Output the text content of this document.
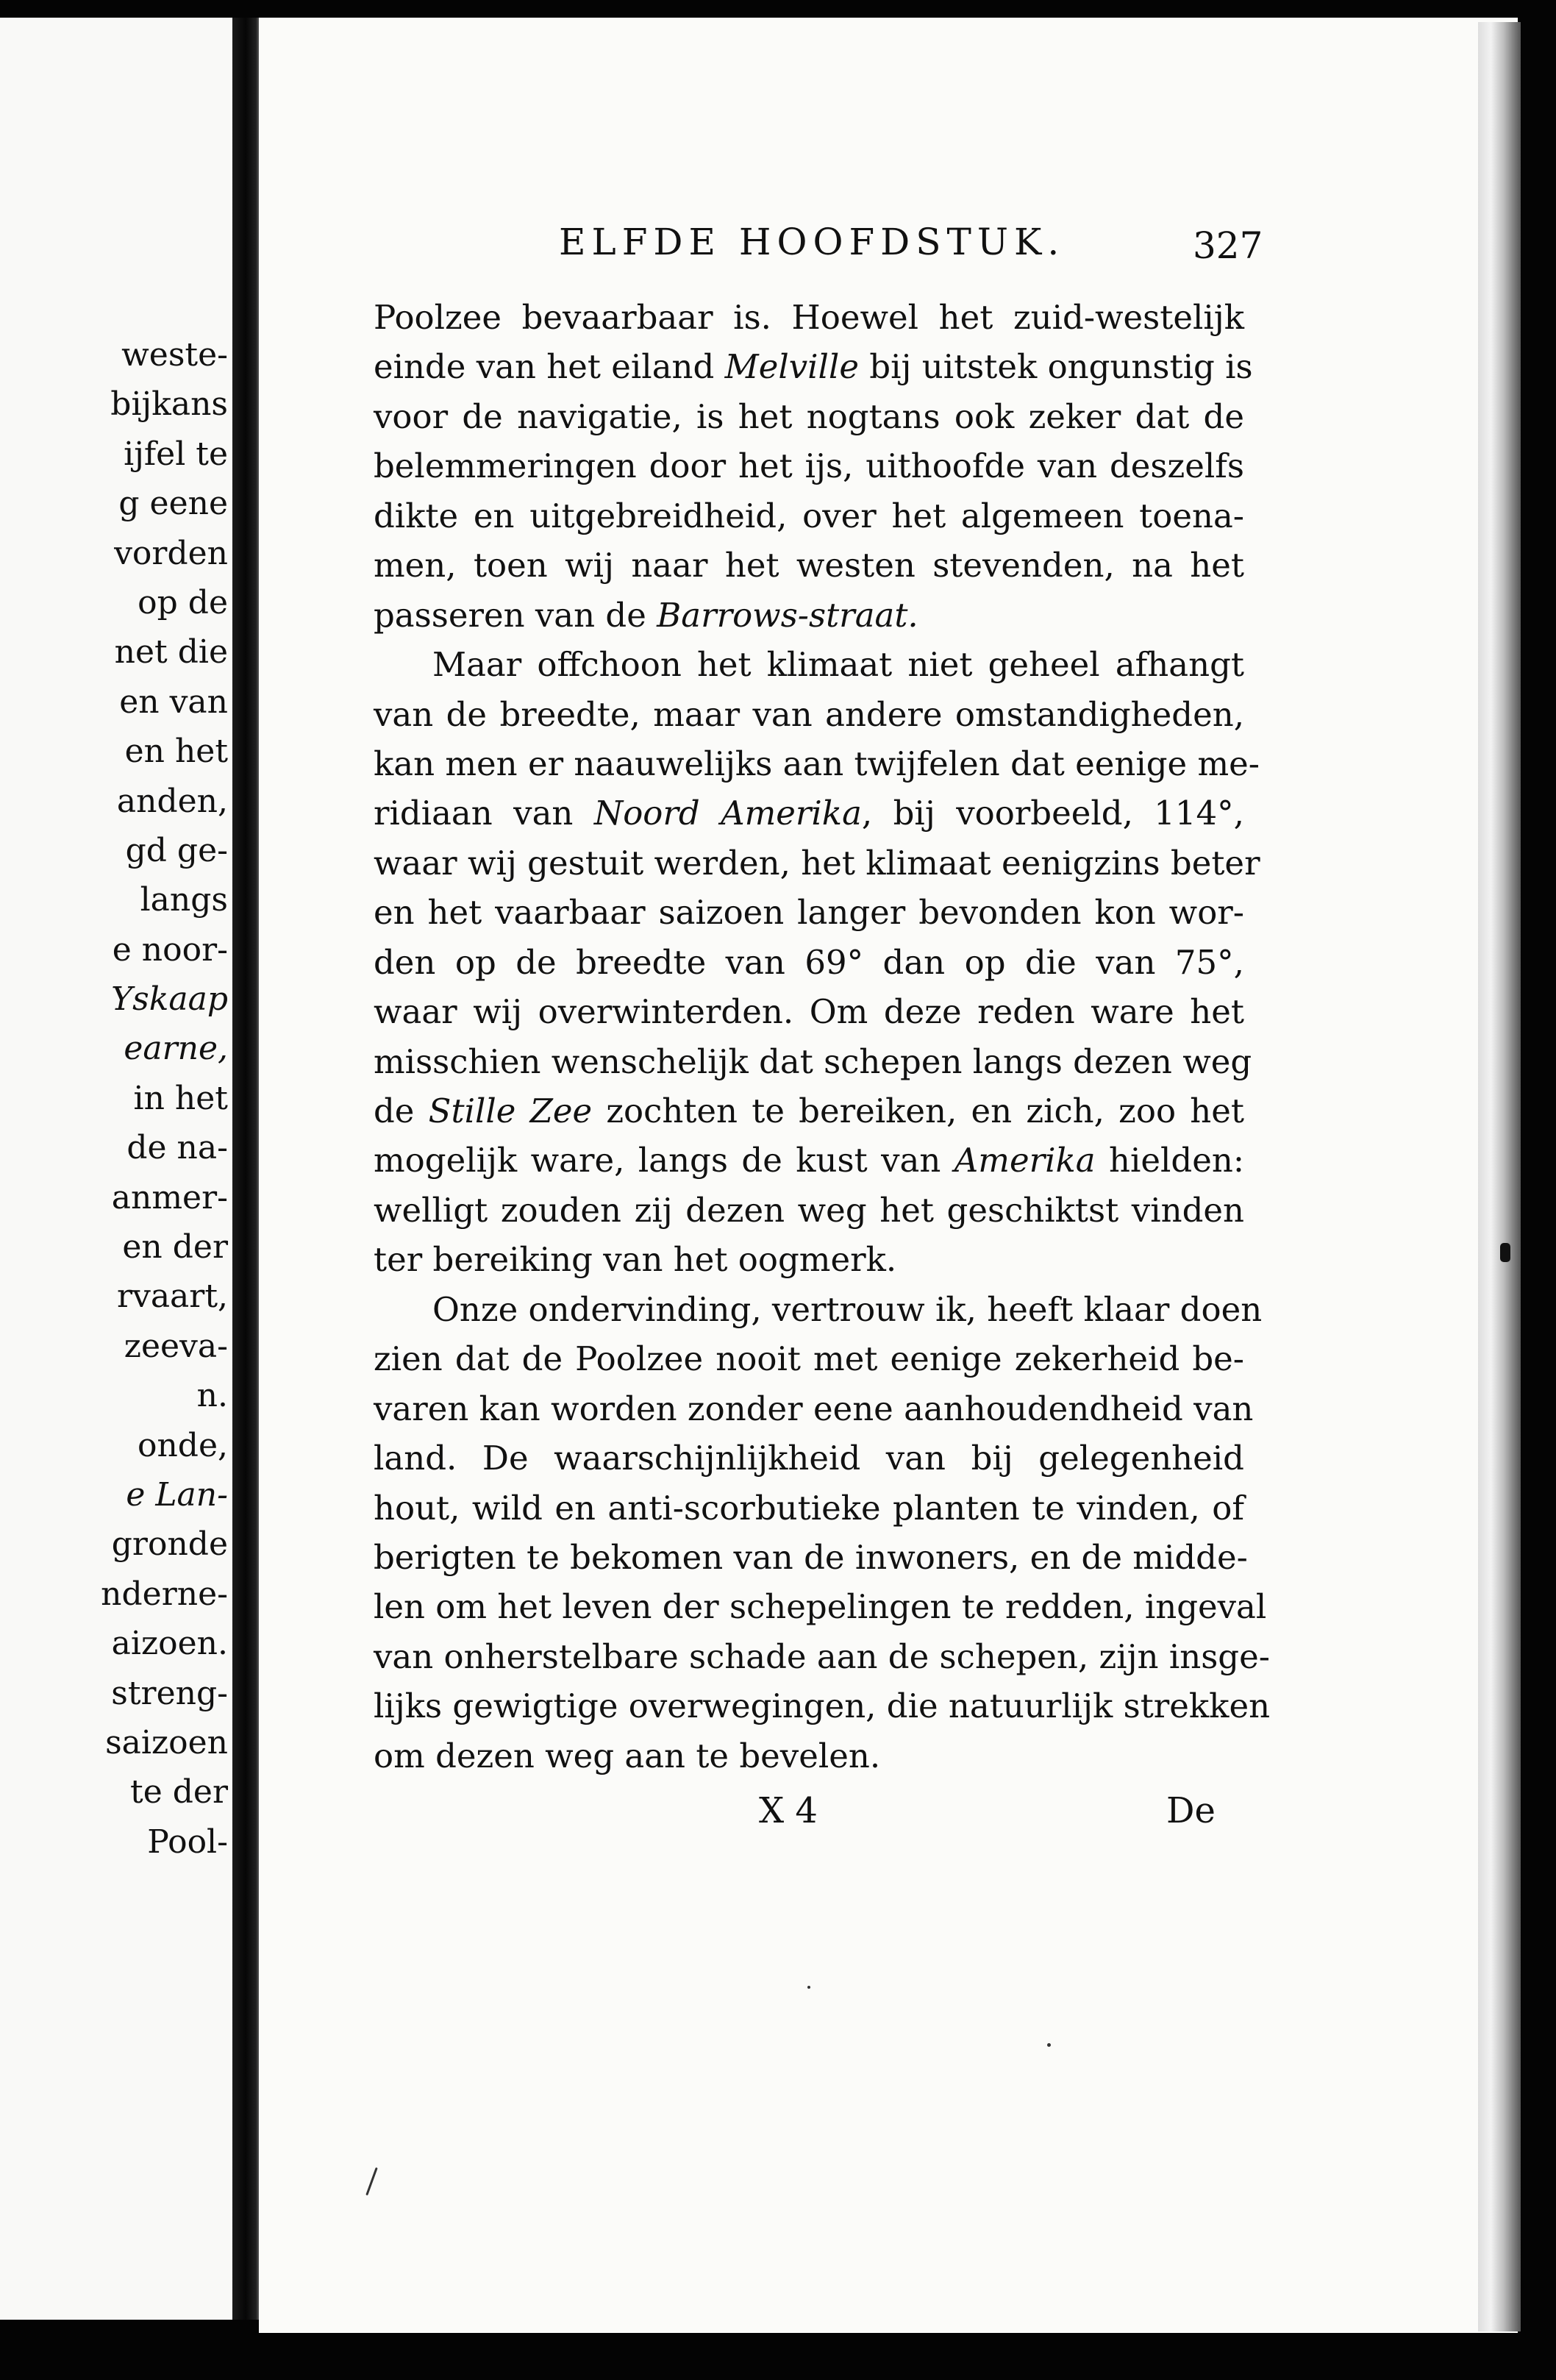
weste-
bijkans
ijfel te
g eene
vorden
op de
net die
en van
en het
anden,
gd ge-
langs
e noor-
Yskaap
earne,
in het
de na-
anmer-
en der
rvaart,
zeeva-
n.
onde,
e Lan-
gronde
nderne-
aizoen.
streng-
saizoen
te der
Pool-
ELFDE HOOFDSTUK.	327
Poolzee bevaarbaar is. Hoewel het zuid-westelijk
einde van het eiland Melville bij uitstek ongunstig is
voor de navigatie, is het nogtans ook zeker dat de
belemmeringen door het ijs, uithoofde van deszelfs
dikte en uitgebreidheid, over het algemeen toena-
men, toen wij naar het westen stevenden, na het
passeren van de Barrows-straat.
Maar offchoon het klimaat niet geheel afhangt
van de breedte, maar van andere omstandigheden,
kan men er naauwelijks aan twijfelen dat eenige me-
ridiaan van Noord Amerika, bij voorbeeld, 114°,
waar wij gestuit werden, het klimaat eenigzins beter
en het vaarbaar saizoen langer bevonden kon wor-
den op de breedte van 69° dan op die van 75°,
waar wij overwinterden. Om deze reden ware het
misschien wenschelijk dat schepen langs dezen weg
de Stille Zee zochten te bereiken, en zich, zoo het
mogelijk ware, langs de kust van Amerika hielden:
welligt zouden zij dezen weg het geschiktst vinden
ter bereiking van het oogmerk.
Onze ondervinding, vertrouw ik, heeft klaar doen
zien dat de Poolzee nooit met eenige zekerheid be-
varen kan worden zonder eene aanhoudendheid van
land. De waarschijnlijkheid van bij gelegenheid
hout, wild en anti-scorbutieke planten te vinden, of
berigten te bekomen van de inwoners, en de midde-
len om het leven der schepelingen te redden, ingeval
van onherstelbare schade aan de schepen, zijn insge-
lijks gewigtige overwegingen, die natuurlijk strekken
om dezen weg aan te bevelen.
X 4	De
